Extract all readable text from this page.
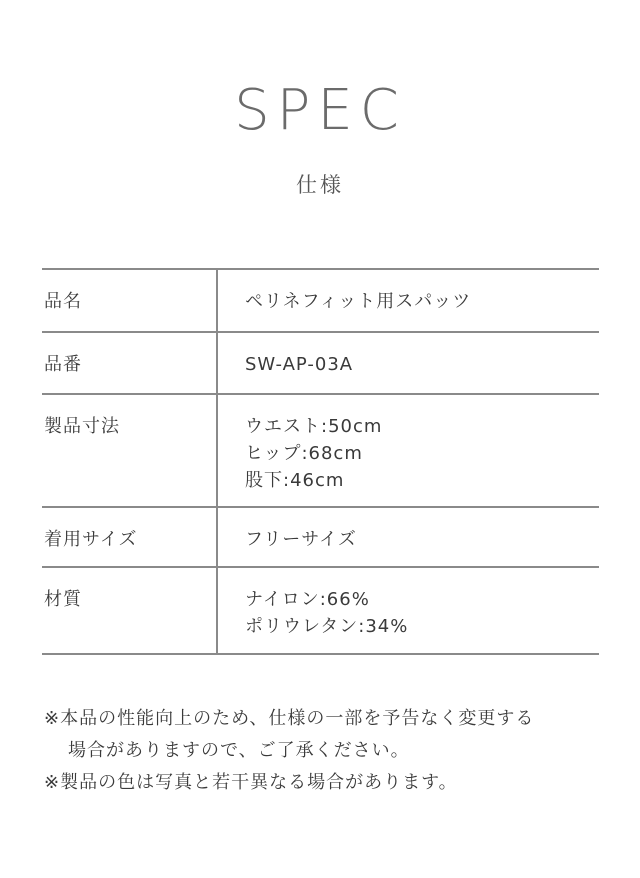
SPEC
仕様
品名	ペリネフィット用スパッツ
品番	SW-AP-03A
製品寸法	ウエスト:50cm
ヒップ:68cm
股下:46cm
着用サイズ	フリーサイズ
材質	ナイロン:66%
ポリウレタン:34%
※本品の性能向上のため、仕様の一部を予告なく変更する
場合がありますので、ご了承ください。
※製品の色は写真と若干異なる場合があります。
